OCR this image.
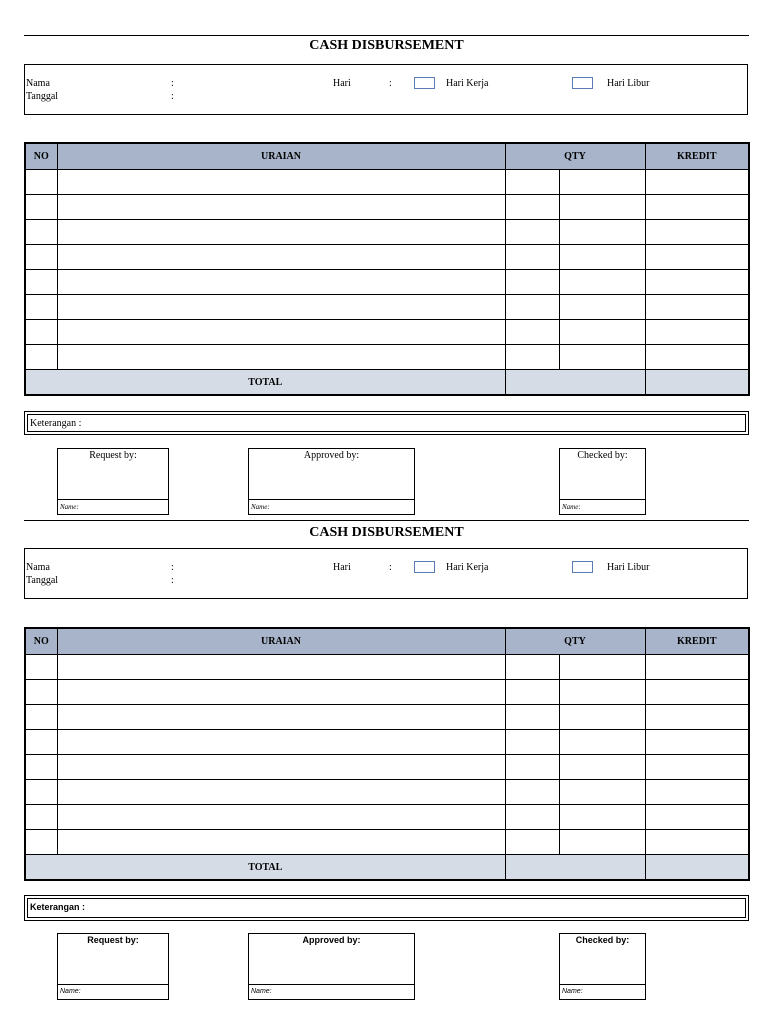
CASH DISBURSEMENT
Nama	:
Tanggal	:
Hari	:	Hari Kerja	Hari Libur
NO	URAIAN	QTY		KREDIT

TOTAL				
Keterangan :
Request by:
Name:
Approved by:
Name:
Checked by:
Name:
CASH DISBURSEMENT
Nama	:
Tanggal	:
Hari	:	Hari Kerja	Hari Libur
NO	URAIAN	QTY		KREDIT

TOTAL				
Keterangan :
Request by:
Name:
Approved by:
Name:
Checked by:
Name:
